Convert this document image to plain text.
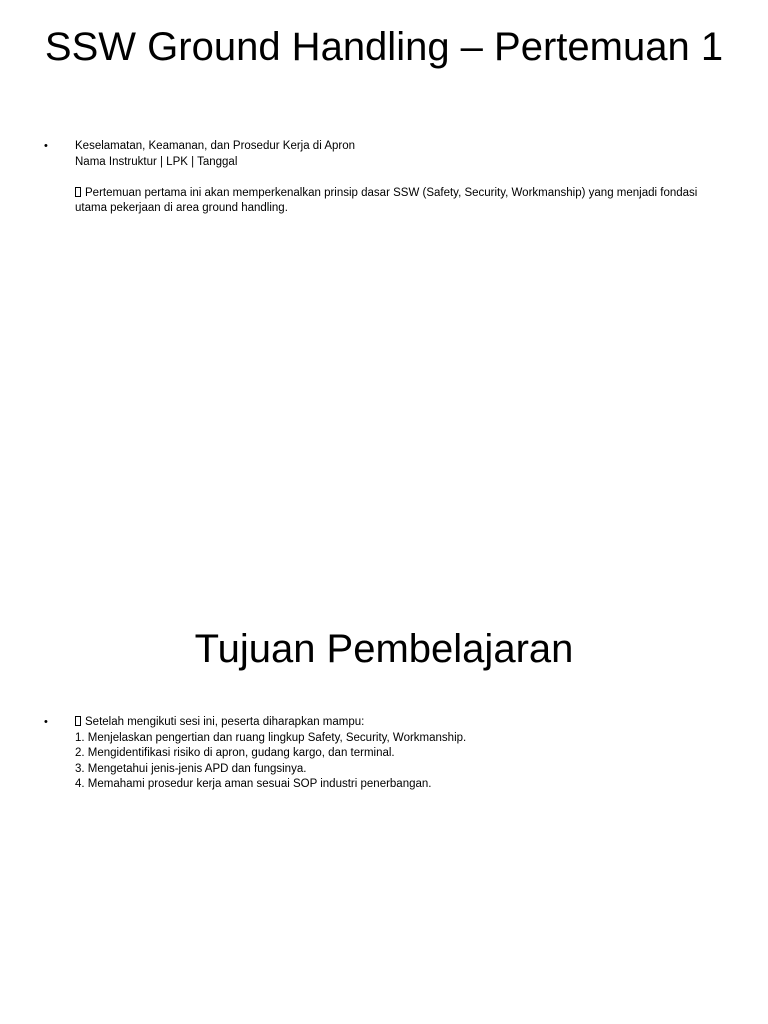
SSW Ground Handling – Pertemuan 1
• Keselamatan, Keamanan, dan Prosedur Kerja di Apron
Nama Instruktur | LPK | Tanggal
Pertemuan pertama ini akan memperkenalkan prinsip dasar SSW (Safety, Security, Workmanship) yang menjadi fondasi utama pekerjaan di area ground handling.
Tujuan Pembelajaran
•	Setelah mengikuti sesi ini, peserta diharapkan mampu:
1. Menjelaskan pengertian dan ruang lingkup Safety, Security, Workmanship.
2. Mengidentifikasi risiko di apron, gudang kargo, dan terminal.
3. Mengetahui jenis-jenis APD dan fungsinya.
4. Memahami prosedur kerja aman sesuai SOP industri penerbangan.
